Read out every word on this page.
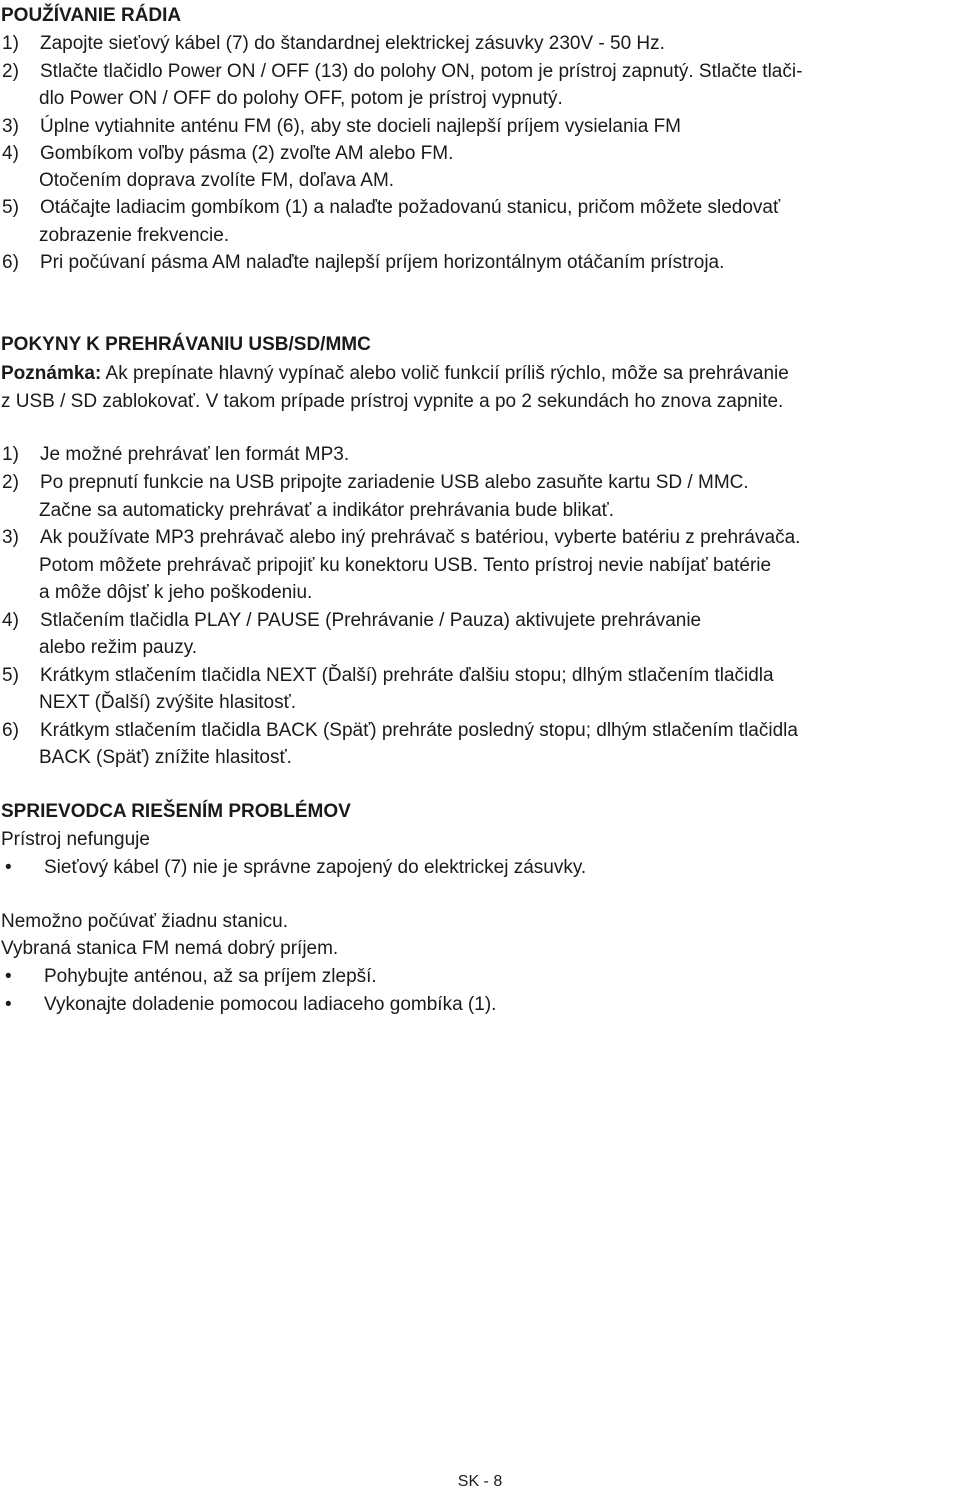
POUŽÍVANIE RÁDIA
1) Zapojte sieťový kábel (7) do štandardnej elektrickej zásuvky 230V - 50 Hz.
2) Stlačte tlačidlo Power ON / OFF (13) do polohy ON, potom je prístroj zapnutý. Stlačte tlači-
dlo Power ON / OFF do polohy OFF, potom je prístroj vypnutý.
3) Úplne vytiahnite anténu FM (6), aby ste docieli najlepší príjem vysielania FM
4) Gombíkom voľby pásma (2) zvoľte AM alebo FM.
Otočením doprava zvolíte FM, doľava AM.
5) Otáčajte ladiacim gombíkom (1) a nalaďte požadovanú stanicu, pričom môžete sledovať
zobrazenie frekvencie.
6) Pri počúvaní pásma AM nalaďte najlepší príjem horizontálnym otáčaním prístroja.
POKYNY K PREHRÁVANIU USB/SD/MMC
Poznámka: Ak prepínate hlavný vypínač alebo volič funkcií príliš rýchlo, môže sa prehrávanie
z USB / SD zablokovať. V takom prípade prístroj vypnite a po 2 sekundách ho znova zapnite.
1) Je možné prehrávať len formát MP3.
2) Po prepnutí funkcie na USB pripojte zariadenie USB alebo zasuňte kartu SD / MMC.
Začne sa automaticky prehrávať a indikátor prehrávania bude blikať.
3) Ak používate MP3 prehrávač alebo iný prehrávač s batériou, vyberte batériu z prehrávača.
Potom môžete prehrávač pripojiť ku konektoru USB. Tento prístroj nevie nabíjať batérie
a môže dôjsť k jeho poškodeniu.
4) Stlačením tlačidla PLAY / PAUSE (Prehrávanie / Pauza) aktivujete prehrávanie
alebo režim pauzy.
5) Krátkym stlačením tlačidla NEXT (Ďalší) prehráte ďalšiu stopu; dlhým stlačením tlačidla
NEXT (Ďalší) zvýšite hlasitosť.
6) Krátkym stlačením tlačidla BACK (Späť) prehráte posledný stopu; dlhým stlačením tlačidla
BACK (Späť) znížite hlasitosť.
SPRIEVODCA RIEŠENÍM PROBLÉMOV
Prístroj nefunguje
• Sieťový kábel (7) nie je správne zapojený do elektrickej zásuvky.
Nemožno počúvať žiadnu stanicu.
Vybraná stanica FM nemá dobrý príjem.
• Pohybujte anténou, až sa príjem zlepší.
• Vykonajte doladenie pomocou ladiaceho gombíka (1).
SK - 8
